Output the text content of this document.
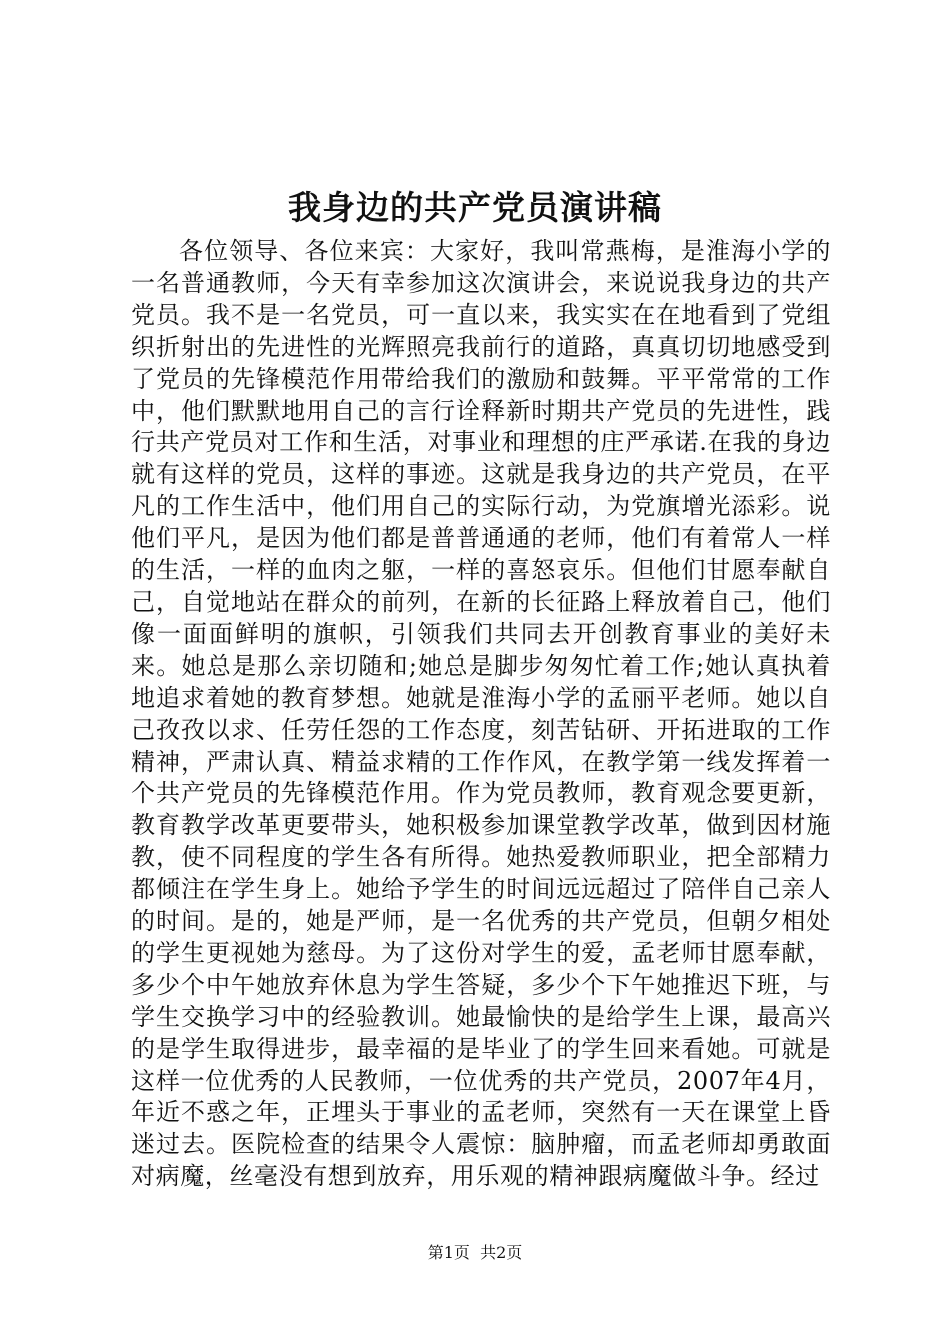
我身边的共产党员演讲稿

各位领导、各位来宾：大家好，我叫常燕梅，是淮海小学的一名普通教师，今天有幸参加这次演讲会，来说说我身边的共产党员。我不是一名党员，可一直以来，我实实在在地看到了党组织折射出的先进性的光辉照亮我前行的道路，真真切切地感受到了党员的先锋模范作用带给我们的激励和鼓舞。平平常常的工作中，他们默默地用自己的言行诠释新时期共产党员的先进性，践行共产党员对工作和生活，对事业和理想的庄严承诺.在我的身边就有这样的党员，这样的事迹。这就是我身边的共产党员，在平凡的工作生活中，他们用自己的实际行动，为党旗增光添彩。说他们平凡，是因为他们都是普普通通的老师，他们有着常人一样的生活，一样的血肉之躯，一样的喜怒哀乐。但他们甘愿奉献自己，自觉地站在群众的前列，在新的长征路上释放着自己，他们像一面面鲜明的旗帜，引领我们共同去开创教育事业的美好未来。她总是那么亲切随和;她总是脚步匆匆忙着工作;她认真执着地追求着她的教育梦想。她就是淮海小学的孟丽平老师。她以自己孜孜以求、任劳任怨的工作态度，刻苦钻研、开拓进取的工作精神，严肃认真、精益求精的工作作风，在教学第一线发挥着一个共产党员的先锋模范作用。作为党员教师，教育观念要更新，教育教学改革更要带头，她积极参加课堂教学改革，做到因材施教，使不同程度的学生各有所得。她热爱教师职业，把全部精力都倾注在学生身上。她给予学生的时间远远超过了陪伴自己亲人的时间。是的，她是严师，是一名优秀的共产党员，但朝夕相处的学生更视她为慈母。为了这份对学生的爱，孟老师甘愿奉献，多少个中午她放弃休息为学生答疑，多少个下午她推迟下班，与学生交换学习中的经验教训。她最愉快的是给学生上课，最高兴的是学生取得进步，最幸福的是毕业了的学生回来看她。可就是这样一位优秀的人民教师，一位优秀的共产党员，2007年4月，年近不惑之年，正埋头于事业的孟老师，突然有一天在课堂上昏迷过去。医院检查的结果令人震惊：脑肿瘤，而孟老师却勇敢面对病魔，丝毫没有想到放弃，用乐观的精神跟病魔做斗争。经过

第1页 共2页
